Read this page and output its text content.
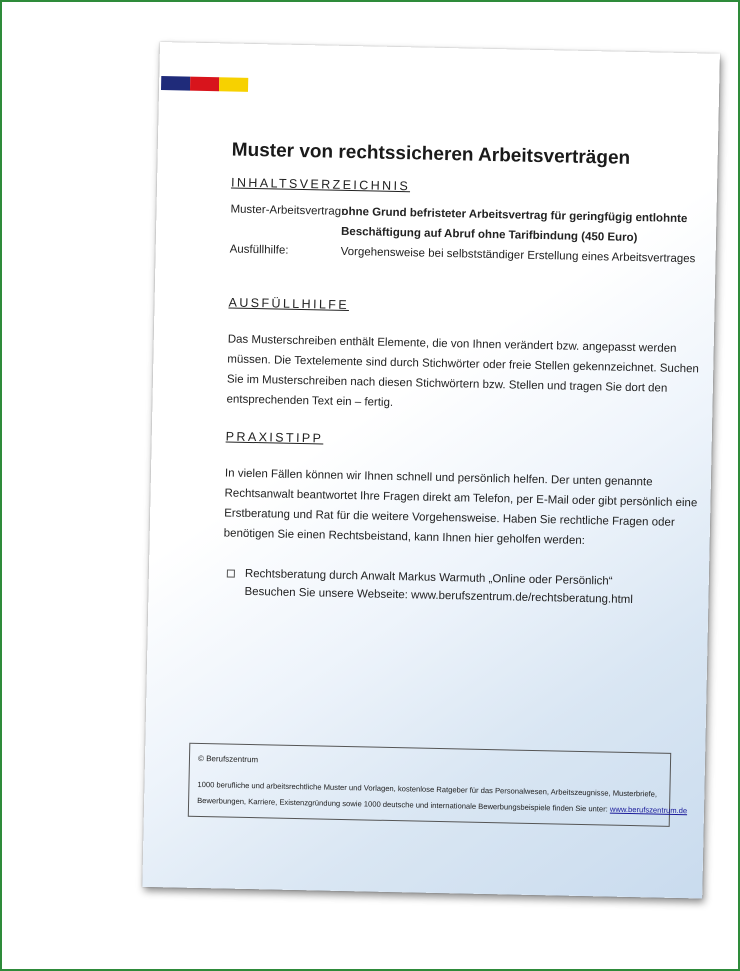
Muster von rechtssicheren Arbeitsverträgen
INHALTSVERZEICHNIS
Muster-Arbeitsvertrag:
ohne Grund befristeter Arbeitsvertrag für geringfügig entlohnte
Beschäftigung auf Abruf ohne Tarifbindung (450 Euro)
Ausfüllhilfe:	Vorgehensweise bei selbstständiger Erstellung eines Arbeitsvertrages
AUSFÜLLHILFE
Das Musterschreiben enthält Elemente, die von Ihnen verändert bzw. angepasst werden müssen. Die Textelemente sind durch Stichwörter oder freie Stellen gekennzeichnet. Suchen Sie im Musterschreiben nach diesen Stichwörtern bzw. Stellen und tragen Sie dort den entsprechenden Text ein – fertig.
PRAXISTIPP
In vielen Fällen können wir Ihnen schnell und persönlich helfen. Der unten genannte Rechtsanwalt beantwortet Ihre Fragen direkt am Telefon, per E-Mail oder gibt persönlich eine Erstberatung und Rat für die weitere Vorgehensweise. Haben Sie rechtliche Fragen oder benötigen Sie einen Rechtsbeistand, kann Ihnen hier geholfen werden:
Rechtsberatung durch Anwalt Markus Warmuth „Online oder Persönlich“
Besuchen Sie unsere Webseite: www.berufszentrum.de/rechtsberatung.html
© Berufszentrum
1000 berufliche und arbeitsrechtliche Muster und Vorlagen, kostenlose Ratgeber für das Personalwesen, Arbeitszeugnisse, Musterbriefe,
Bewerbungen, Karriere, Existenzgründung sowie 1000 deutsche und internationale Bewerbungsbeispiele finden Sie unter: www.berufszentrum.de
